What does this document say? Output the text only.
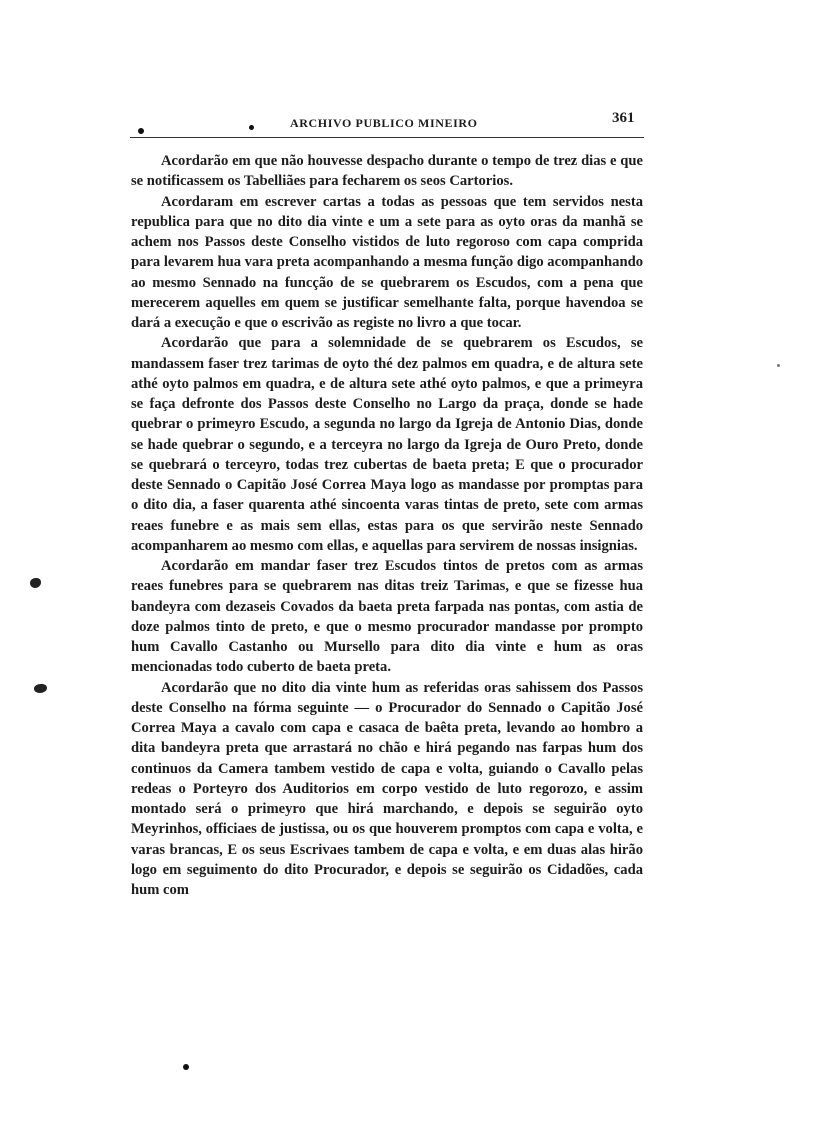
ARCHIVO PUBLICO MINEIRO	361

Acordarão em que não houvesse despacho durante o tempo de trez dias e que se notificassem os Tabelliães para fecharem os seos Cartorios.

Acordaram em escrever cartas a todas as pessoas que tem servidos nesta republica para que no dito dia vinte e um a sete para as oyto oras da manhã se achem nos Passos deste Conselho vistidos de luto regoroso com capa comprida para levarem hua vara preta acompanhando a mesma função digo acompanhando ao mesmo Sennado na funcção de se quebrarem os Escudos, com a pena que merecerem aquelles em quem se justificar semelhante falta, porque havendoa se dará a execução e que o escrivão as registe no livro a que tocar.

Acordarão que para a solemnidade de se quebrarem os Escudos, se mandassem faser trez tarimas de oyto thé dez palmos em quadra, e de altura sete athé oyto palmos em quadra, e de altura sete athé oyto palmos, e que a primeyra se faça defronte dos Passos deste Conselho no Largo da praça, donde se hade quebrar o primeyro Escudo, a segunda no largo da Igreja de Antonio Dias, donde se hade quebrar o segundo, e a terceyra no largo da Igreja de Ouro Preto, donde se quebrará o terceyro, todas trez cubertas de baeta preta; E que o procurador deste Sennado o Capitão José Correa Maya logo as mandasse por promptas para o dito dia, a faser quarenta athé sincoenta varas tintas de preto, sete com armas reaes funebre e as mais sem ellas, estas para os que servirão neste Sennado acompanharem ao mesmo com ellas, e aquellas para servirem de nossas insignias.

Acordarão em mandar faser trez Escudos tintos de pretos com as armas reaes funebres para se quebrarem nas ditas treiz Tarimas, e que se fizesse hua bandeyra com dezaseis Covados da baeta preta farpada nas pontas, com astia de doze palmos tinto de preto, e que o mesmo procurador mandasse por prompto hum Cavallo Castanho ou Mursello para dito dia vinte e hum as oras mencionadas todo cuberto de baeta preta.

Acordarão que no dito dia vinte hum as referidas oras sahissem dos Passos deste Conselho na fórma seguinte — o Procurador do Sennado o Capitão José Correa Maya a cavalo com capa e casaca de baêta preta, levando ao hombro a dita bandeyra preta que arrastará no chão e hirá pegando nas farpas hum dos continuos da Camera tambem vestido de capa e volta, guiando o Cavallo pelas redeas o Porteyro dos Auditorios em corpo vestido de luto regorozo, e assim montado será o primeyro que hirá marchando, e depois se seguirão oyto Meyrinhos, officiaes de justissa, ou os que houverem promptos com capa e volta, e varas brancas, E os seus Escrivaes tambem de capa e volta, e em duas alas hirão logo em seguimento do dito Procurador, e depois se seguirão os Cidadões, cada hum com
